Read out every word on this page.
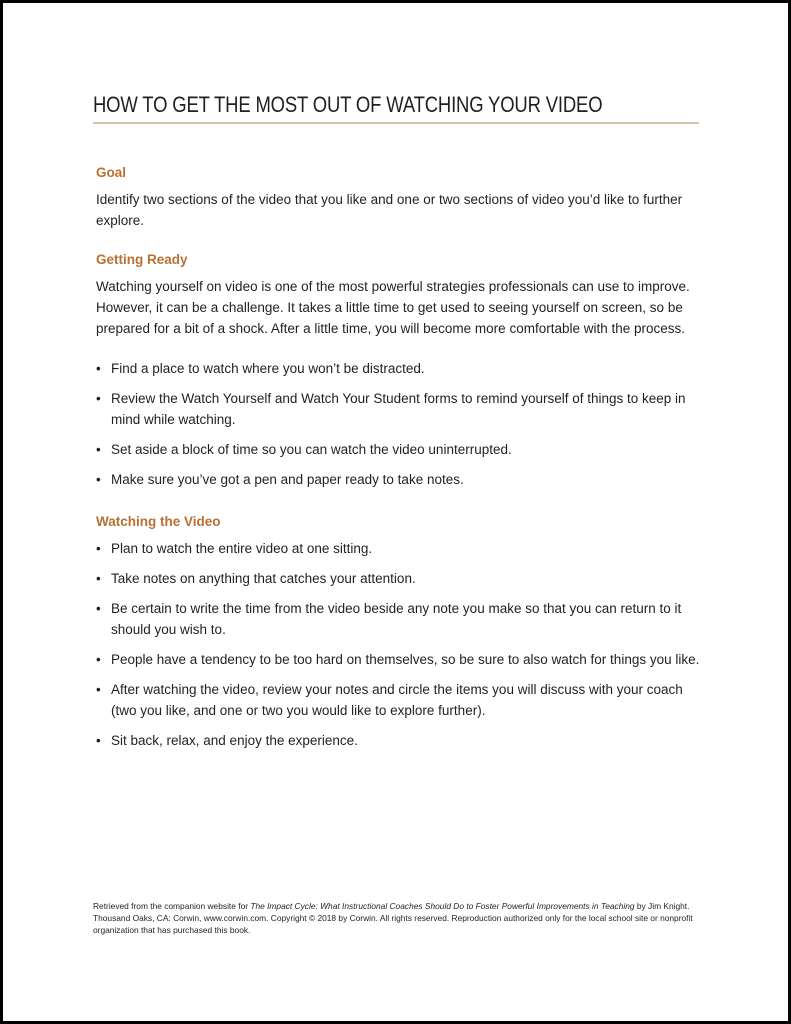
HOW TO GET THE MOST OUT OF WATCHING YOUR VIDEO
Goal

Identify two sections of the video that you like and one or two sections of video you’d like to further explore.

Getting Ready

Watching yourself on video is one of the most powerful strategies professionals can use to improve. However, it can be a challenge. It takes a little time to get used to seeing yourself on screen, so be prepared for a bit of a shock. After a little time, you will become more comfortable with the process.

• Find a place to watch where you won’t be distracted.
• Review the Watch Yourself and Watch Your Student forms to remind yourself of things to keep in mind while watching.
• Set aside a block of time so you can watch the video uninterrupted.
• Make sure you’ve got a pen and paper ready to take notes.
Watching the Video
• Plan to watch the entire video at one sitting.
• Take notes on anything that catches your attention.
• Be certain to write the time from the video beside any note you make so that you can return to it should you wish to.
• People have a tendency to be too hard on themselves, so be sure to also watch for things you like.
• After watching the video, review your notes and circle the items you will discuss with your coach (two you like, and one or two you would like to explore further).
• Sit back, relax, and enjoy the experience.
Retrieved from the companion website for The Impact Cycle: What Instructional Coaches Should Do to Foster Powerful Improvements in Teaching by Jim Knight. Thousand Oaks, CA: Corwin, www.corwin.com. Copyright © 2018 by Corwin. All rights reserved. Reproduction authorized only for the local school site or nonprofit organization that has purchased this book.
